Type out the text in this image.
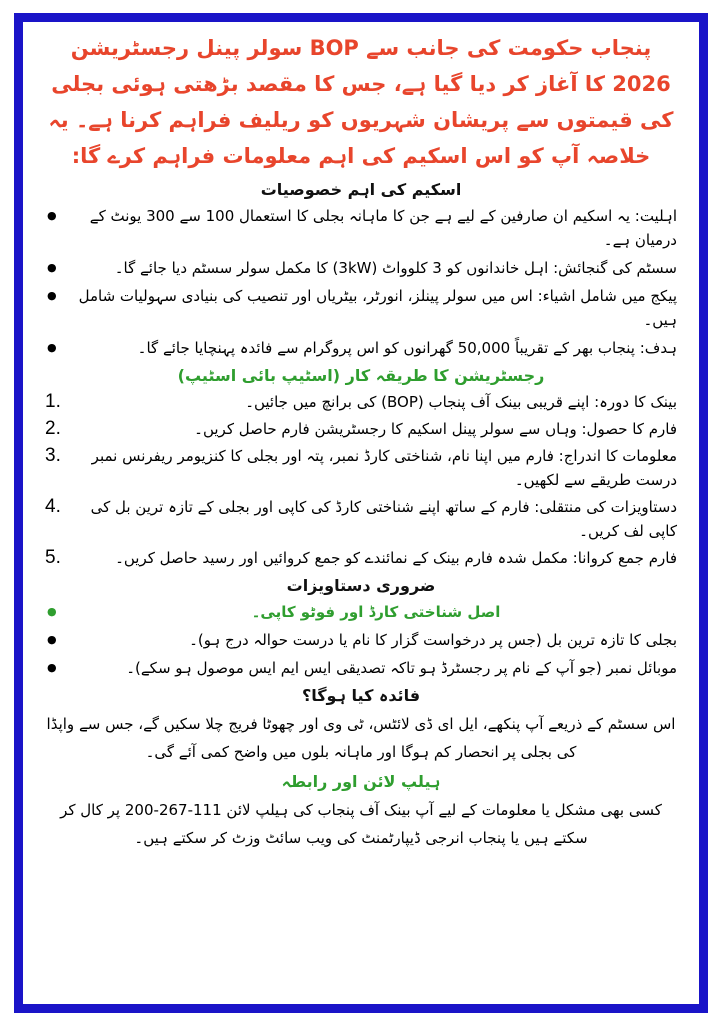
پنجاب حکومت کی جانب سے BOP سولر پینل رجسٹریشن 2026 کا آغاز کر دیا گیا ہے، جس کا مقصد بڑھتی ہوئی بجلی کی قیمتوں سے پریشان شہریوں کو ریلیف فراہم کرنا ہے۔ یہ خلاصہ آپ کو اس اسکیم کی اہم معلومات فراہم کرے گا:
اسکیم کی اہم خصوصیات
اہلیت: یہ اسکیم ان صارفین کے لیے ہے جن کا ماہانہ بجلی کا استعمال 100 سے 300 یونٹ کے درمیان ہے۔ ●
سسٹم کی گنجائش: اہل خاندانوں کو 3 کلوواٹ (3kW) کا مکمل سولر سسٹم دیا جائے گا۔ ●
پیکج میں شامل اشیاء: اس میں سولر پینلز، انورٹر، بیٹریاں اور تنصیب کی بنیادی سہولیات شامل ہیں۔ ●
ہدف: پنجاب بھر کے تقریباً 50,000 گھرانوں کو اس پروگرام سے فائدہ پہنچایا جائے گا۔ ●
رجسٹریشن کا طریقہ کار (اسٹیپ بائی اسٹیپ)
بینک کا دورہ: اپنے قریبی بینک آف پنجاب (BOP) کی برانچ میں جائیں۔
1.
فارم کا حصول: وہاں سے سولر پینل اسکیم کا رجسٹریشن فارم حاصل کریں۔
2.
معلومات کا اندراج: فارم میں اپنا نام، شناختی کارڈ نمبر، پتہ اور بجلی کا کنزیومر ریفرنس نمبر درست طریقے سے لکھیں۔
3.
دستاویزات کی منتقلی: فارم کے ساتھ اپنے شناختی کارڈ کی کاپی اور بجلی کے تازہ ترین بل کی کاپی لف کریں۔
4.
فارم جمع کروانا: مکمل شدہ فارم بینک کے نمائندے کو جمع کروائیں اور رسید حاصل کریں۔
5.
ضروری دستاویزات
اصل شناختی کارڈ اور فوٹو کاپی۔ ●
بجلی کا تازہ ترین بل (جس پر درخواست گزار کا نام یا درست حوالہ درج ہو)۔ ●
موبائل نمبر (جو آپ کے نام پر رجسٹرڈ ہو تاکہ تصدیقی ایس ایم ایس موصول ہو سکے)۔ ●
فائدہ کیا ہوگا؟
اس سسٹم کے ذریعے آپ پنکھے، ایل ای ڈی لائٹس، ٹی وی اور چھوٹا فریج چلا سکیں گے، جس سے واپڈا کی بجلی پر انحصار کم ہوگا اور ماہانہ بلوں میں واضح کمی آئے گی۔
ہیلپ لائن اور رابطہ
کسی بھی مشکل یا معلومات کے لیے آپ بینک آف پنجاب کی ہیلپ لائن 111-267-200 پر کال کر سکتے ہیں یا پنجاب انرجی ڈیپارٹمنٹ کی ویب سائٹ وزٹ کر سکتے ہیں۔
